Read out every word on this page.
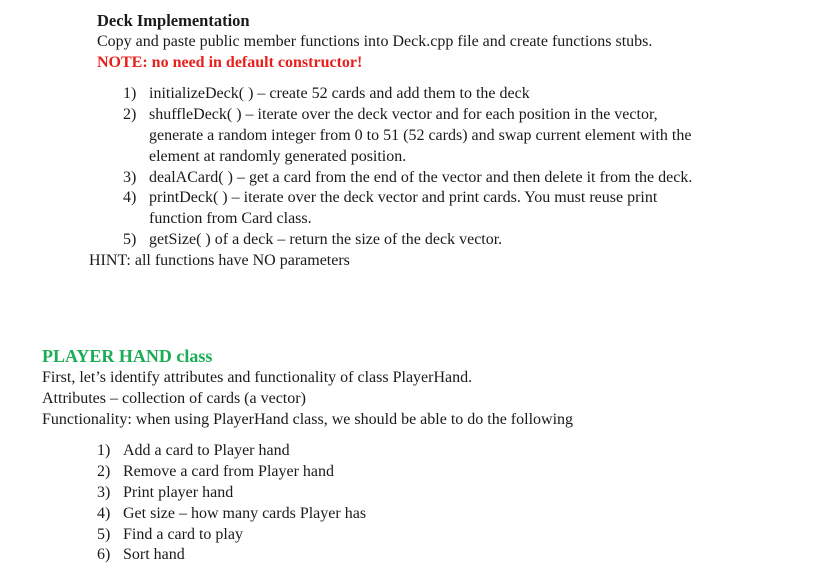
Deck Implementation
Copy and paste public member functions into Deck.cpp file and create functions stubs.
NOTE: no need in default constructor!
1) initializeDeck( ) – create 52 cards and add them to the deck
2) shuffleDeck( ) – iterate over the deck vector and for each position in the vector, generate a random integer from 0 to 51 (52 cards) and swap current element with the element at randomly generated position.
3) dealACard( ) – get a card from the end of the vector and then delete it from the deck.
4) printDeck( ) – iterate over the deck vector and print cards. You must reuse print function from Card class.
5) getSize( ) of a deck – return the size of the deck vector.
HINT: all functions have NO parameters
PLAYER HAND class
First, let’s identify attributes and functionality of class PlayerHand.
Attributes – collection of cards (a vector)
Functionality: when using PlayerHand class, we should be able to do the following
1) Add a card to Player hand
2) Remove a card from Player hand
3) Print player hand
4) Get size – how many cards Player has
5) Find a card to play
6) Sort hand
